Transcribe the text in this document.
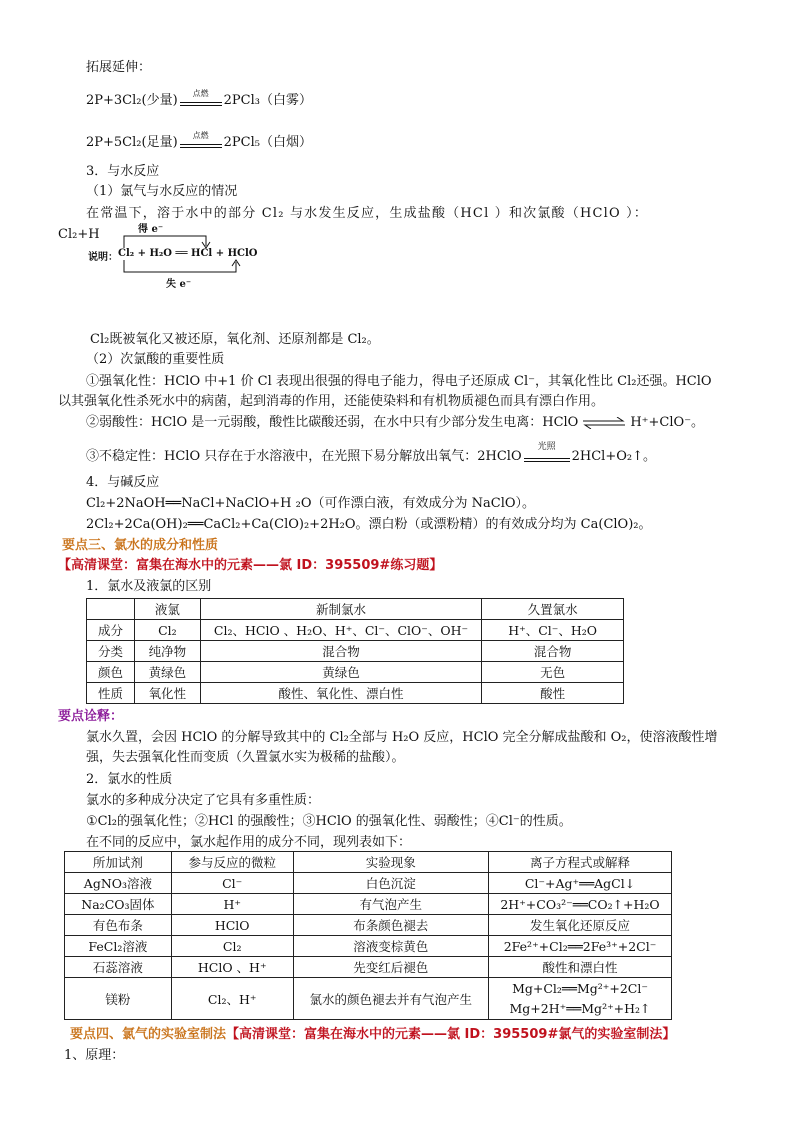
拓展延伸：
2P+3Cl₂(少量)	点燃	2PCl₃（白雾）
2P+5Cl₂(足量)	点燃	2PCl₅（白烟）
3．与水反应
（1）氯气与水反应的情况
在常温下，溶于水中的部分 Cl₂ 与水发生反应，生成盐酸（HCl ）和次氯酸（HClO ）：
Cl₂+H	得 e⁻
说明： Cl₂ + H₂O ══ HCl + HClO
失 e⁻
Cl₂既被氧化又被还原，氧化剂、还原剂都是 Cl₂。
（2）次氯酸的重要性质
①强氧化性：HClO 中+1 价 Cl 表现出很强的得电子能力，得电子还原成 Cl⁻，其氧化性比 Cl₂还强。HClO
以其强氧化性杀死水中的病菌，起到消毒的作用，还能使染料和有机物质褪色而具有漂白作用。
②弱酸性：HClO 是一元弱酸，酸性比碳酸还弱，在水中只有少部分发生电离：HClO ⇌ H⁺+ClO⁻。
③不稳定性：HClO 只存在于水溶液中，在光照下易分解放出氧气：2HClO
光照
2HCl+O₂↑。
4．与碱反应
Cl₂+2NaOH══NaCl+NaClO+H ₂O（可作漂白液，有效成分为 NaClO）。
2Cl₂+2Ca(OH)₂══CaCl₂+Ca(ClO)₂+2H₂O。漂白粉（或漂粉精）的有效成分均为 Ca(ClO)₂。
要点三、氯水的成分和性质
【高清课堂：富集在海水中的元素——氯 ID：395509#练习题】
1．氯水及液氯的区别
	液氯	新制氯水	久置氯水
成分	Cl₂	Cl₂、HClO 、H₂O、H⁺、Cl⁻、ClO⁻、OH⁻	H⁺、Cl⁻、H₂O
分类	纯净物	混合物	混合物
颜色	黄绿色	黄绿色	无色
性质	氧化性	酸性、氧化性、漂白性	酸性
要点诠释：
氯水久置，会因 HClO 的分解导致其中的 Cl₂全部与 H₂O 反应，HClO 完全分解成盐酸和 O₂，使溶液酸性增
强，失去强氧化性而变质（久置氯水实为极稀的盐酸）。
2．氯水的性质
氯水的多种成分决定了它具有多重性质：
①Cl₂的强氧化性；②HCl 的强酸性；③HClO 的强氧化性、弱酸性；④Cl⁻的性质。
在不同的反应中，氯水起作用的成分不同，现列表如下：
所加试剂	参与反应的微粒	实验现象	离子方程式或解释
AgNO₃溶液	Cl⁻	白色沉淀	Cl⁻+Ag⁺══AgCl↓
Na₂CO₃固体	H⁺	有气泡产生	2H⁺+CO₃²⁻══CO₂↑+H₂O
有色布条	HClO	布条颜色褪去	发生氧化还原反应
FeCl₂溶液	Cl₂	溶液变棕黄色	2Fe²⁺+Cl₂══2Fe³⁺+2Cl⁻
石蕊溶液	HClO 、H⁺	先变红后褪色	酸性和漂白性
镁粉	Cl₂、H⁺	氯水的颜色褪去并有气泡产生	Mg+Cl₂══Mg²⁺+2Cl⁻
Mg+2H⁺══Mg²⁺+H₂↑
要点四、氯气的实验室制法【高清课堂：富集在海水中的元素——氯 ID：395509#氯气的实验室制法】
1、原理：
